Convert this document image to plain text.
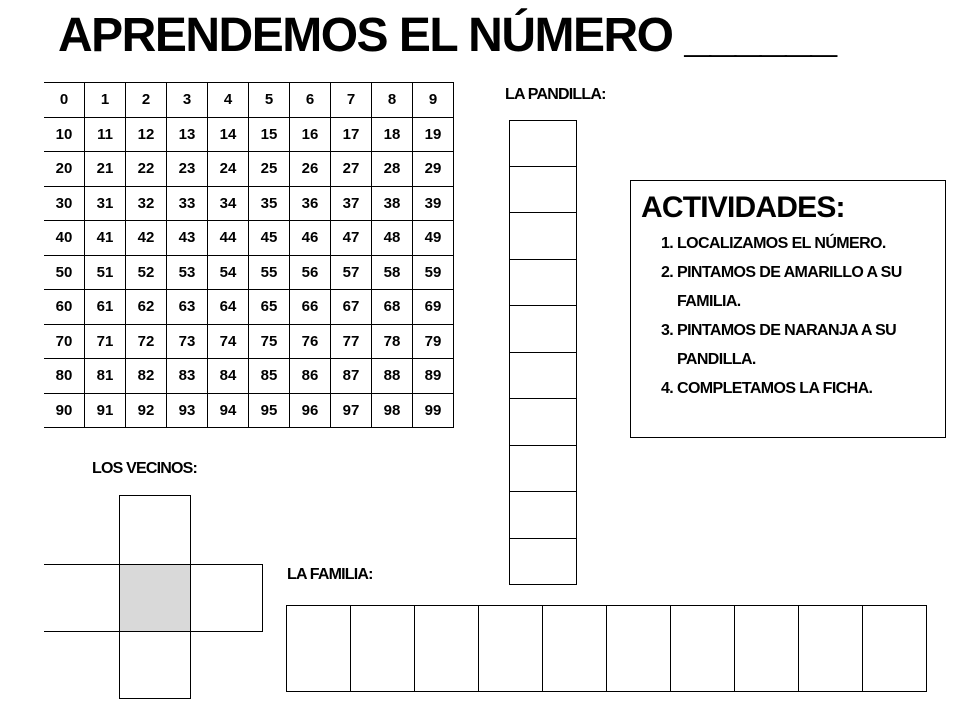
APRENDEMOS EL NÚMERO ______
0	1	2	3	4	5	6	7	8	9
10	11	12	13	14	15	16	17	18	19
20	21	22	23	24	25	26	27	28	29
30	31	32	33	34	35	36	37	38	39
40	41	42	43	44	45	46	47	48	49
50	51	52	53	54	55	56	57	58	59
60	61	62	63	64	65	66	67	68	69
70	71	72	73	74	75	76	77	78	79
80	81	82	83	84	85	86	87	88	89
90	91	92	93	94	95	96	97	98	99
LA PANDILLA:
ACTIVIDADES:
1. LOCALIZAMOS EL NÚMERO.
2. PINTAMOS DE AMARILLO A SU FAMILIA.
3. PINTAMOS DE NARANJA A SU PANDILLA.
4. COMPLETAMOS LA FICHA.
LOS VECINOS:
LA FAMILIA:
